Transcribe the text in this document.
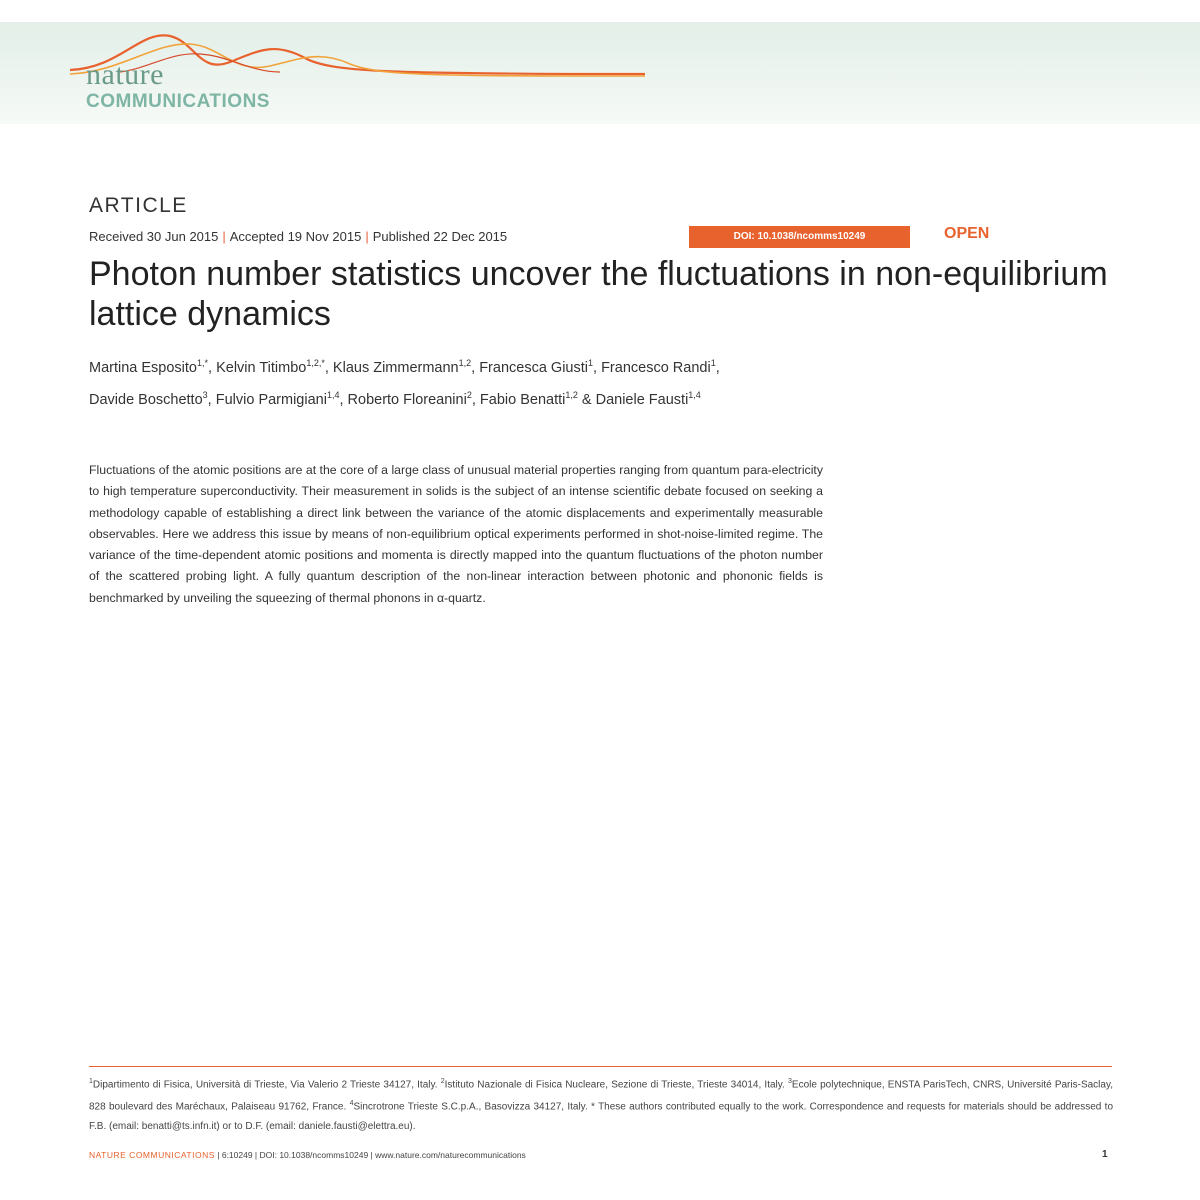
nature
COMMUNICATIONS
ARTICLE
Received 30 Jun 2015 | Accepted 19 Nov 2015 | Published 22 Dec 2015	DOI: 10.1038/ncomms10249	OPEN
Photon number statistics uncover the fluctuations in non-equilibrium lattice dynamics
Martina Esposito$^{1,*}$, Kelvin Titimbo$^{1,2,*}$, Klaus Zimmermann$^{1,2}$, Francesca Giusti$^1$, Francesco Randi$^1$,
Davide Boschetto$^3$, Fulvio Parmigiani$^{1,4}$, Roberto Floreanini$^2$, Fabio Benatti$^{1,2}$ & Daniele Fausti$^{1,4}$

Fluctuations of the atomic positions are at the core of a large class of unusual material properties ranging from quantum para-electricity to high temperature superconductivity. Their measurement in solids is the subject of an intense scientific debate focused on seeking a methodology capable of establishing a direct link between the variance of the atomic displacements and experimentally measurable observables. Here we address this issue by means of non-equilibrium optical experiments performed in shot-noise-limited regime. The variance of the time-dependent atomic positions and momenta is directly mapped into the quantum fluctuations of the photon number of the scattered probing light. A fully quantum description of the non-linear interaction between photonic and phononic fields is benchmarked by unveiling the squeezing of thermal phonons in α-quartz.

$^1$Dipartimento di Fisica, Università di Trieste, Via Valerio 2 Trieste 34127, Italy. $^2$Istituto Nazionale di Fisica Nucleare, Sezione di Trieste, Trieste 34014, Italy. $^3$Ecole polytechnique, ENSTA ParisTech, CNRS, Université Paris-Saclay, 828 boulevard des Maréchaux, Palaiseau 91762, France. $^4$Sincrotrone Trieste S.C.p.A., Basovizza 34127, Italy. * These authors contributed equally to the work. Correspondence and requests for materials should be addressed to F.B. (email: benatti@ts.infn.it) or to D.F. (email: daniele.fausti@elettra.eu).

NATURE COMMUNICATIONS | 6:10249 | DOI: 10.1038/ncomms10249 | www.nature.com/naturecommunications	1
